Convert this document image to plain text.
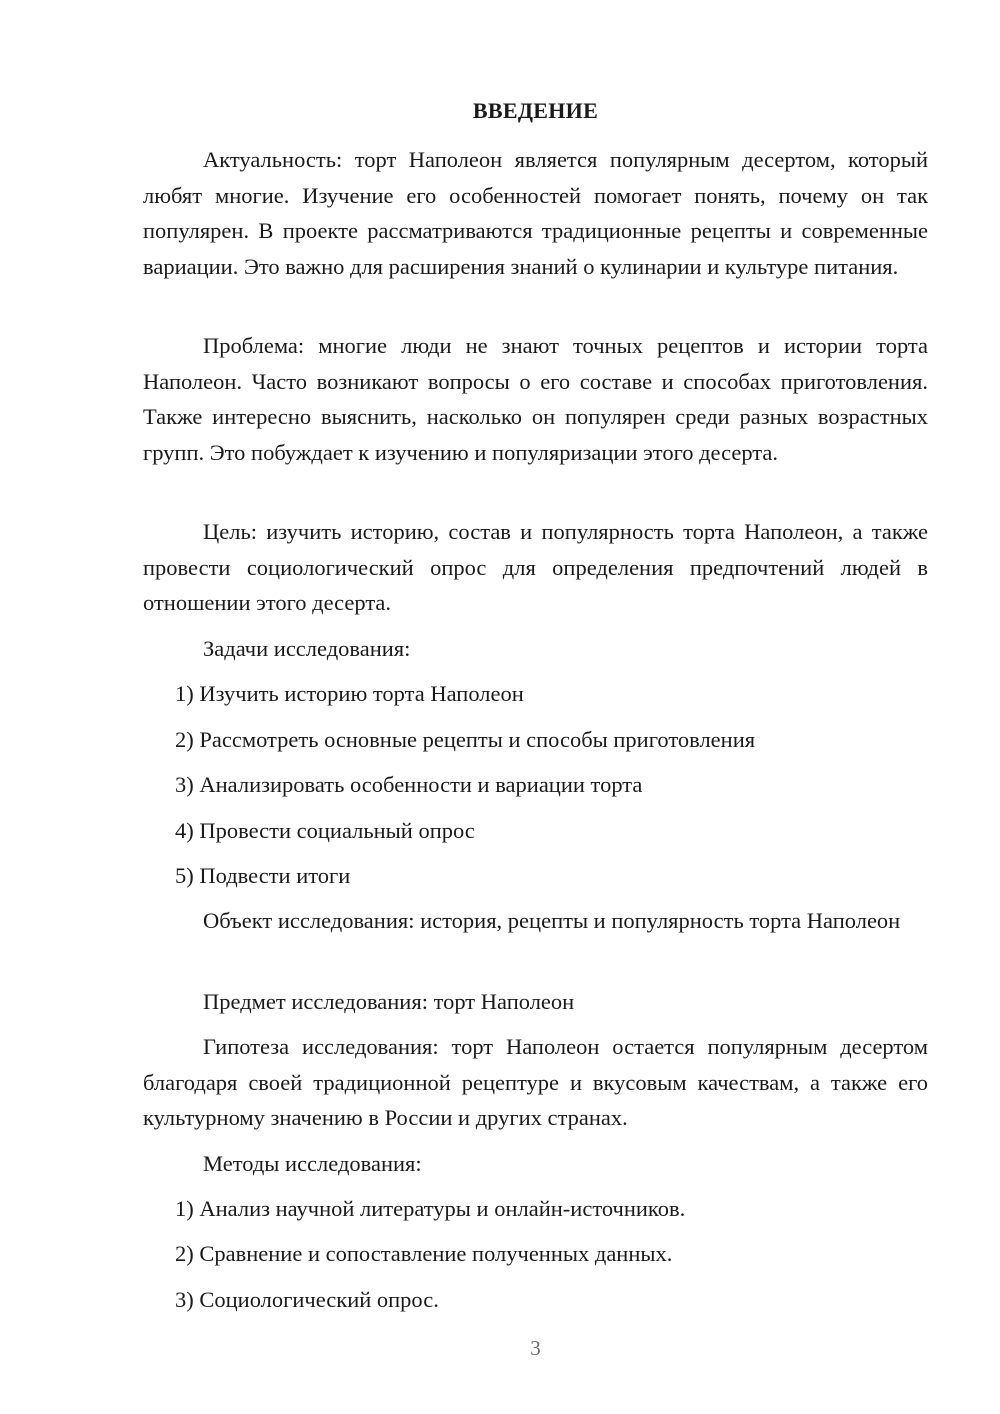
ВВЕДЕНИЕ

Актуальность: торт Наполеон является популярным десертом, который любят многие. Изучение его особенностей помогает понять, почему он так популярен. В проекте рассматриваются традиционные рецепты и современные вариации. Это важно для расширения знаний о кулинарии и культуре питания.

Проблема: многие люди не знают точных рецептов и истории торта Наполеон. Часто возникают вопросы о его составе и способах приготовления. Также интересно выяснить, насколько он популярен среди разных возрастных групп. Это побуждает к изучению и популяризации этого десерта.

Цель: изучить историю, состав и популярность торта Наполеон, а также провести социологический опрос для определения предпочтений людей в отношении этого десерта.

Задачи исследования:

1) Изучить историю торта Наполеон

2) Рассмотреть основные рецепты и способы приготовления

3) Анализировать особенности и вариации торта

4) Провести социальный опрос

5) Подвести итоги

Объект исследования: история, рецепты и популярность торта Наполеон

Предмет исследования: торт Наполеон

Гипотеза исследования: торт Наполеон остается популярным десертом благодаря своей традиционной рецептуре и вкусовым качествам, а также его культурному значению в России и других странах.

Методы исследования:

1) Анализ научной литературы и онлайн-источников.

2) Сравнение и сопоставление полученных данных.

3) Социологический опрос.

3
